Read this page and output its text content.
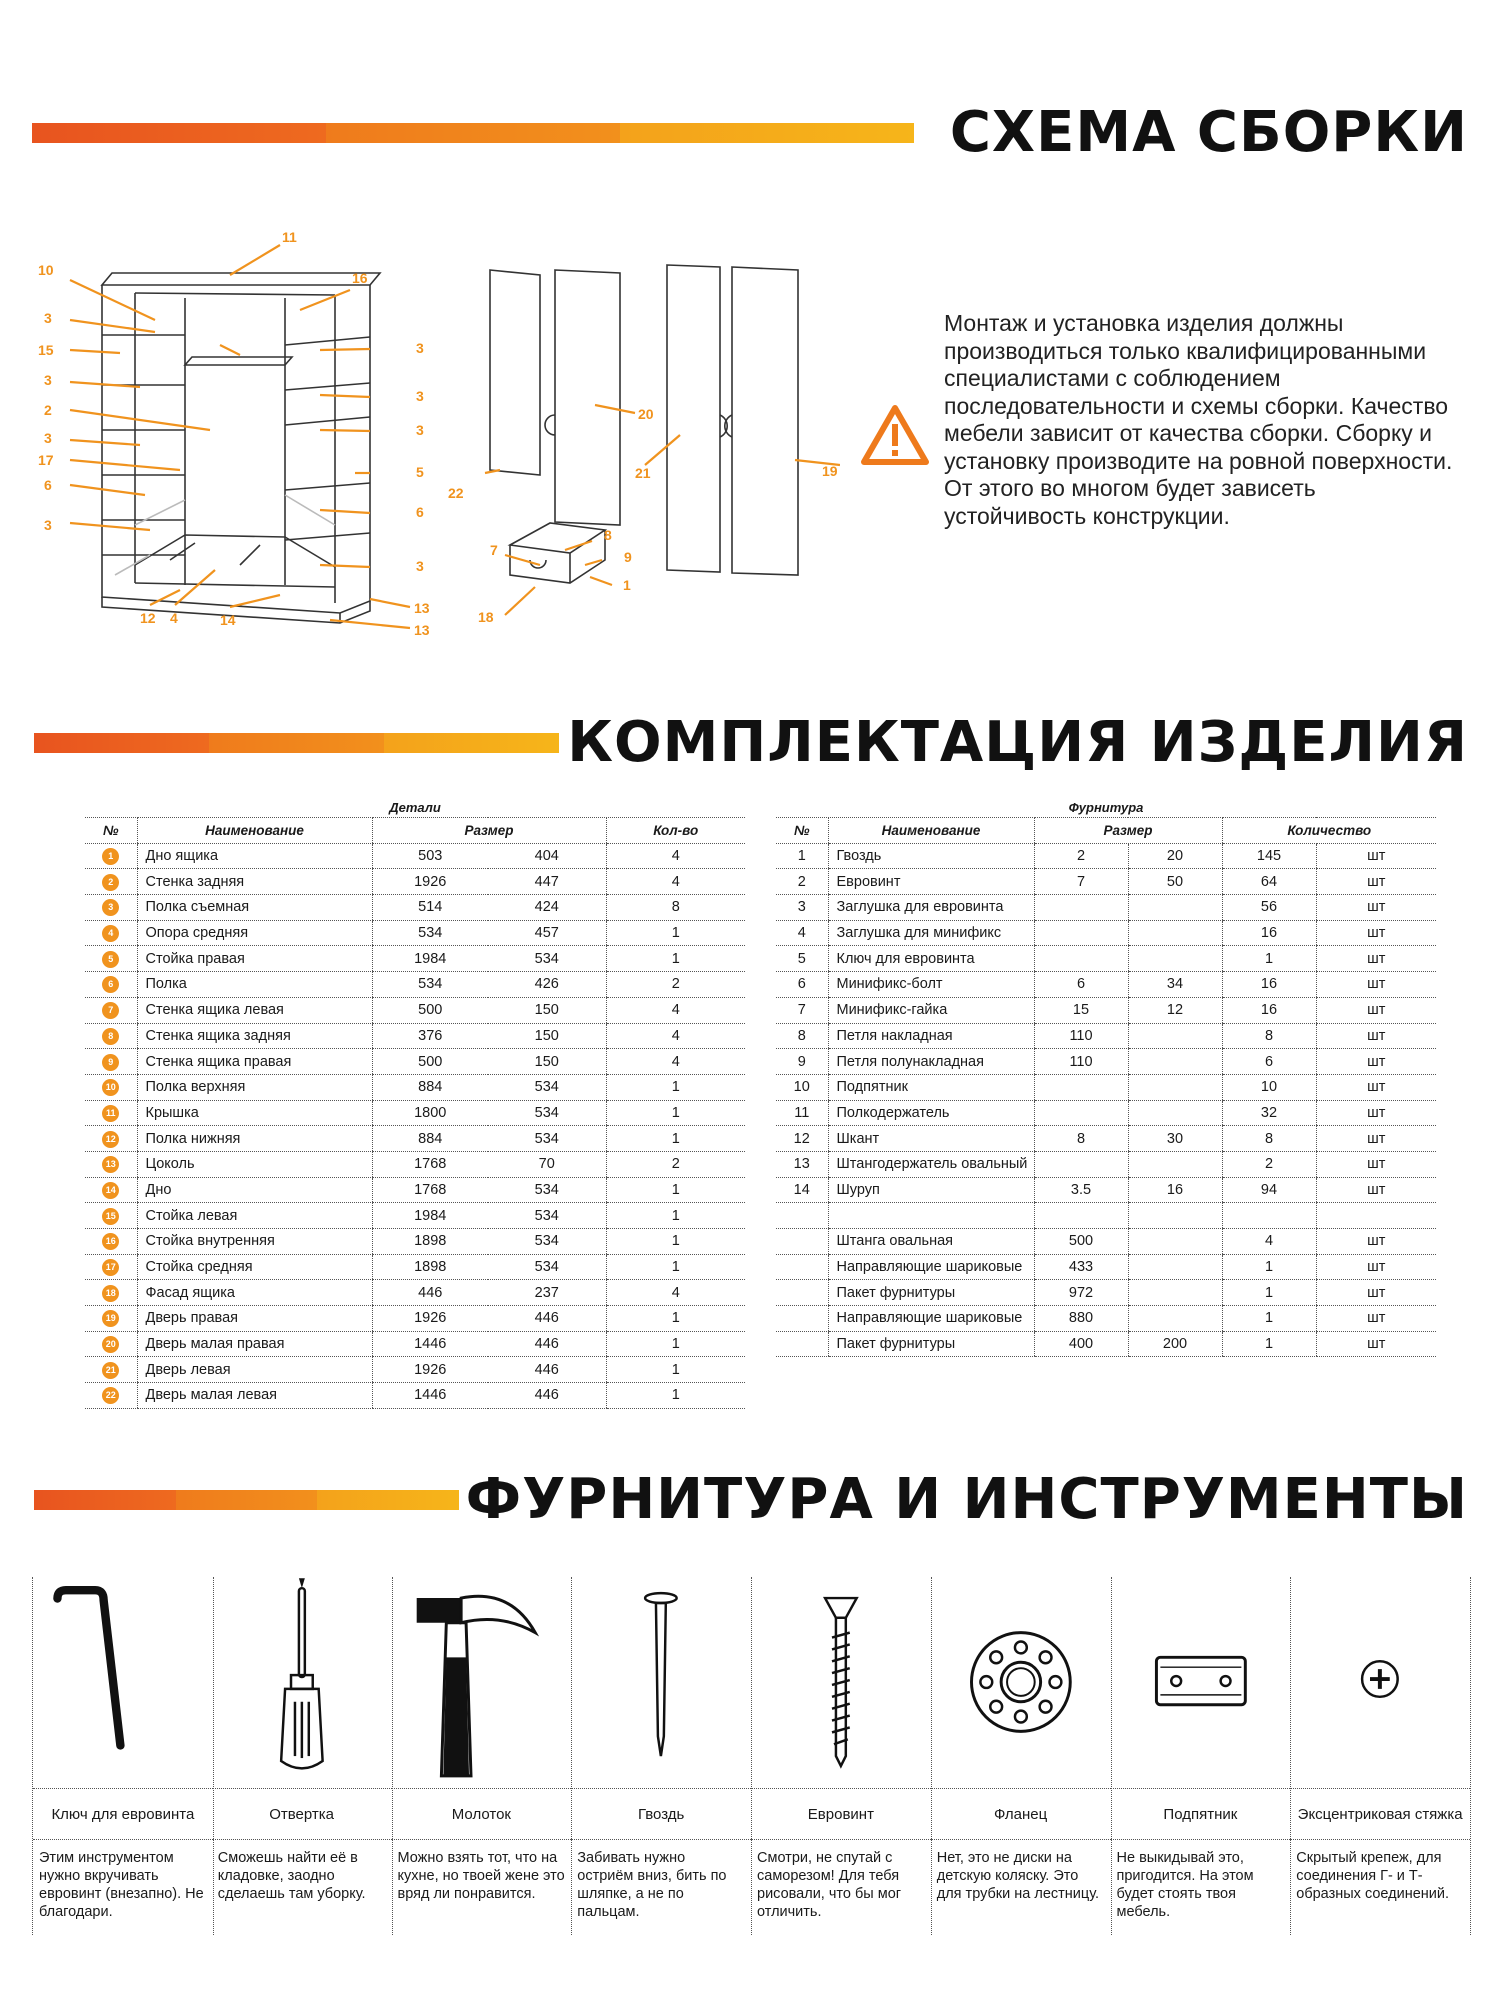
СХЕМА СБОРКИ
11
16
10
3
15
3
2
3
17
6
3
12 4	14
13
13
3
3
3
5
6
3
22
20
21	19
7
8
9
1
18
Монтаж и установка изделия должны производиться только квалифицированными специалистами с соблюдением последовательности и схемы сборки. Качество мебели зависит от качества сборки. Сборку и установку производите на ровной поверхности. От этого во многом будет зависеть устойчивость конструкции.
КОМПЛЕКТАЦИЯ ИЗДЕЛИЯ
Детали				
№	Наименование	Размер		Кол-во
1	Дно ящика	503	404	4
2	Стенка задняя	1926	447	4
3	Полка съемная	514	424	8
4	Опора средняя	534	457	1
5	Стойка правая	1984	534	1
6	Полка	534	426	2
7	Стенка ящика левая	500	150	4
8	Стенка ящика задняя	376	150	4
9	Стенка ящика правая	500	150	4
10	Полка верхняя	884	534	1
11	Крышка	1800	534	1
12	Полка нижняя	884	534	1
13	Цоколь	1768	70	2
14	Дно	1768	534	1
15	Стойка левая	1984	534	1
16	Стойка внутренняя	1898	534	1
17	Стойка средняя	1898	534	1
18	Фасад ящика	446	237	4
19	Дверь правая	1926	446	1
20	Дверь малая правая	1446	446	1
21	Дверь левая	1926	446	1
22	Дверь малая левая	1446	446	1
Фурнитура					
№	Наименование	Размер		Количество	
1	Гвоздь	2	20	145	шт
2	Евровинт	7	50	64	шт
3	Заглушка для евровинта			56	шт
4	Заглушка для минификс			16	шт
5	Ключ для евровинта			1	шт
6	Минификс-болт	6	34	16	шт
7	Минификс-гайка	15	12	16	шт
8	Петля накладная	110		8	шт
9	Петля полунакладная	110		6	шт
10	Подпятник			10	шт
11	Полкодержатель			32	шт
12	Шкант	8	30	8	шт
13	Штангодержатель овальный			2	шт
14	Шуруп	3.5	16	94	шт

	Штанга овальная	500		4	шт
	Направляющие шариковые	433		1	шт
	Пакет фурнитуры	972		1	шт
	Направляющие шариковые	880		1	шт
	Пакет фурнитуры	400	200	1	шт
ФУРНИТУРА И ИНСТРУМЕНТЫ
Ключ для евровинта
Этим инструментом нужно вкручивать евровинт (внезапно). Не благодари.
Отвертка
Сможешь найти её в кладовке, заодно сделаешь там уборку.
Молоток
Можно взять тот, что на кухне, но твоей жене это вряд ли понравится.
Гвоздь
Забивать нужно остриём вниз, бить по шляпке, а не по пальцам.
Евровинт
Смотри, не спутай с саморезом! Для тебя рисовали, что бы мог отличить.
Фланец
Нет, это не диски на детскую коляску. Это для трубки на лестницу.
Подпятник
Не выкидывай это, пригодится. На этом будет стоять твоя мебель.
Эксцентриковая стяжка
Скрытый крепеж, для соединения Г- и Т-образных соединений.
